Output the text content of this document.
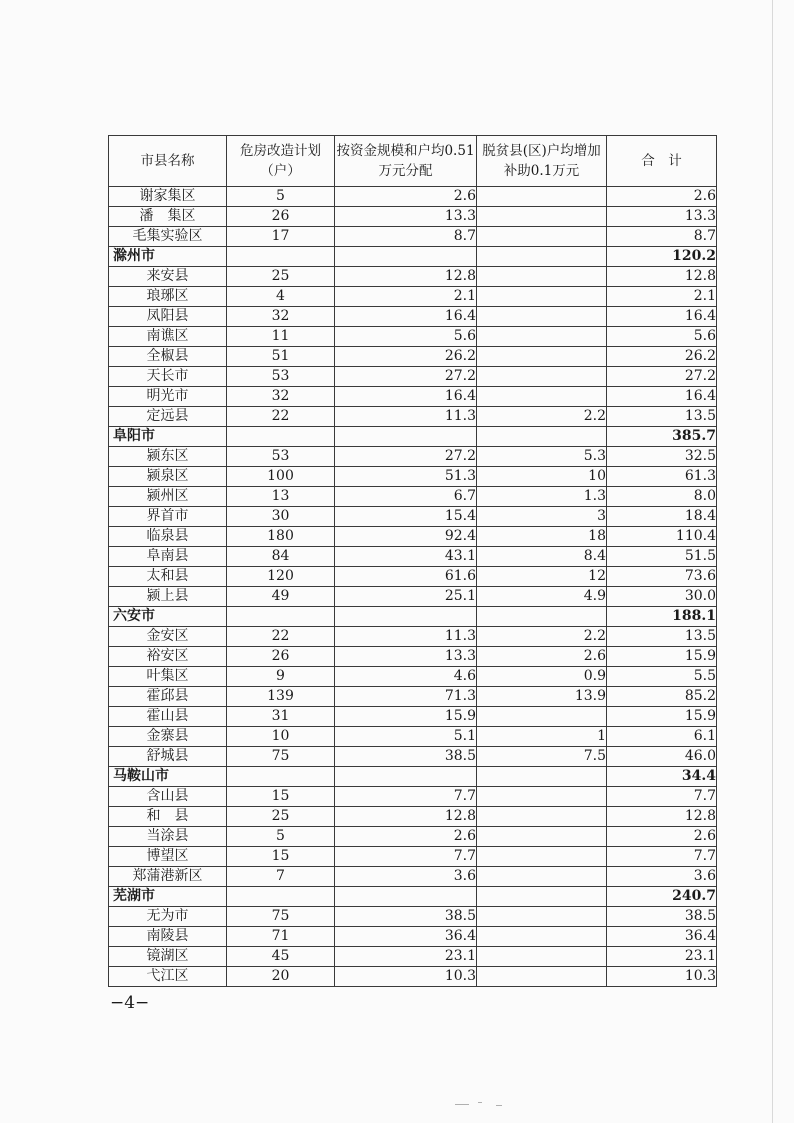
市县名称	危房改造计划（户）	按资金规模和户均0.51万元分配	脱贫县(区)户均增加补助0.1万元	合　计
谢家集区	5	2.6		2.6
潘　集区	26	13.3		13.3
毛集实验区	17	8.7		8.7
滁州市				120.2
来安县	25	12.8		12.8
琅琊区	4	2.1		2.1
凤阳县	32	16.4		16.4
南谯区	11	5.6		5.6
全椒县	51	26.2		26.2
天长市	53	27.2		27.2
明光市	32	16.4		16.4
定远县	22	11.3	2.2	13.5
阜阳市				385.7
颍东区	53	27.2	5.3	32.5
颍泉区	100	51.3	10	61.3
颍州区	13	6.7	1.3	8.0
界首市	30	15.4	3	18.4
临泉县	180	92.4	18	110.4
阜南县	84	43.1	8.4	51.5
太和县	120	61.6	12	73.6
颍上县	49	25.1	4.9	30.0
六安市				188.1
金安区	22	11.3	2.2	13.5
裕安区	26	13.3	2.6	15.9
叶集区	9	4.6	0.9	5.5
霍邱县	139	71.3	13.9	85.2
霍山县	31	15.9		15.9
金寨县	10	5.1	1	6.1
舒城县	75	38.5	7.5	46.0
马鞍山市				34.4
含山县	15	7.7		7.7
和　县	25	12.8		12.8
当涂县	5	2.6		2.6
博望区	15	7.7		7.7
郑蒲港新区	7	3.6		3.6
芜湖市				240.7
无为市	75	38.5		38.5
南陵县	71	36.4		36.4
镜湖区	45	23.1		23.1
弋江区	20	10.3		10.3
−4−
